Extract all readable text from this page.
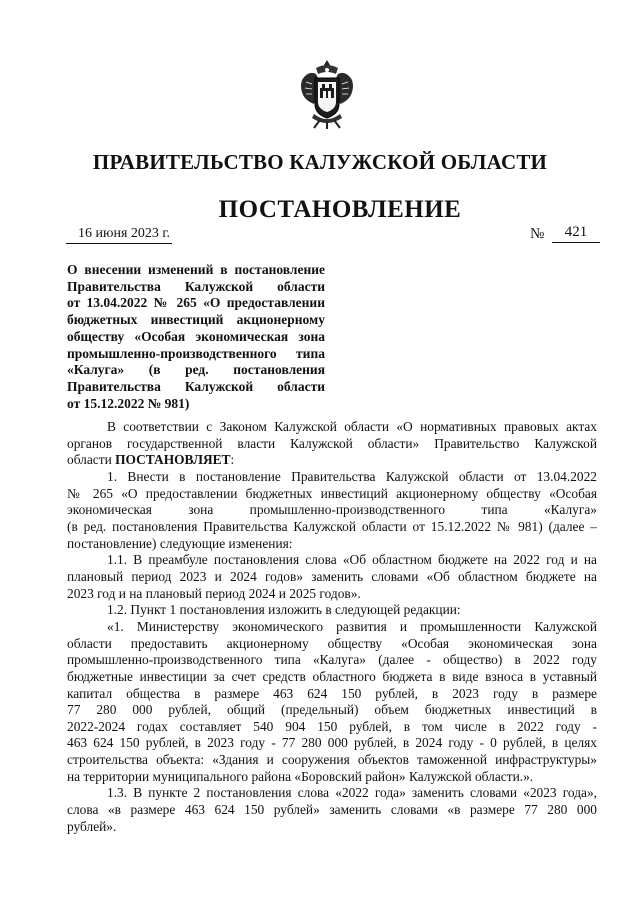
ПРАВИТЕЛЬСТВО КАЛУЖСКОЙ ОБЛАСТИ
ПОСТАНОВЛЕНИЕ
16 июня 2023 г.	№	421

О внесении изменений в постановление
Правительства Калужской области
от 13.04.2022 № 265 «О предоставлении
бюджетных инвестиций акционерному
обществу «Особая экономическая зона
промышленно-производственного типа
«Калуга» (в ред. постановления
Правительства Калужской области
от 15.12.2022 № 981)

В соответствии с Законом Калужской области «О нормативных правовых актах
органов государственной власти Калужской области» Правительство Калужской
области ПОСТАНОВЛЯЕТ:

1. Внести в постановление Правительства Калужской области от 13.04.2022
№ 265 «О предоставлении бюджетных инвестиций акционерному обществу «Особая
экономическая зона промышленно-производственного типа «Калуга»
(в ред. постановления Правительства Калужской области от 15.12.2022 № 981) (далее –
постановление) следующие изменения:

1.1. В преамбуле постановления слова «Об областном бюджете на 2022 год и на
плановый период 2023 и 2024 годов» заменить словами «Об областном бюджете на
2023 год и на плановый период 2024 и 2025 годов».

1.2. Пункт 1 постановления изложить в следующей редакции:

«1. Министерству экономического развития и промышленности Калужской
области предоставить акционерному обществу «Особая экономическая зона
промышленно-производственного типа «Калуга» (далее - общество) в 2022 году
бюджетные инвестиции за счет средств областного бюджета в виде взноса в уставный
капитал общества в размере 463 624 150 рублей, в 2023 году в размере
77 280 000 рублей, общий (предельный) объем бюджетных инвестиций в
2022-2024 годах составляет 540 904 150 рублей, в том числе в 2022 году -
463 624 150 рублей, в 2023 году - 77 280 000 рублей, в 2024 году - 0 рублей, в целях
строительства объекта: «Здания и сооружения объектов таможенной инфраструктуры»
на территории муниципального района «Боровский район» Калужской области.».

1.3. В пункте 2 постановления слова «2022 года» заменить словами «2023 года»,
слова «в размере 463 624 150 рублей» заменить словами «в размере 77 280 000
рублей».
